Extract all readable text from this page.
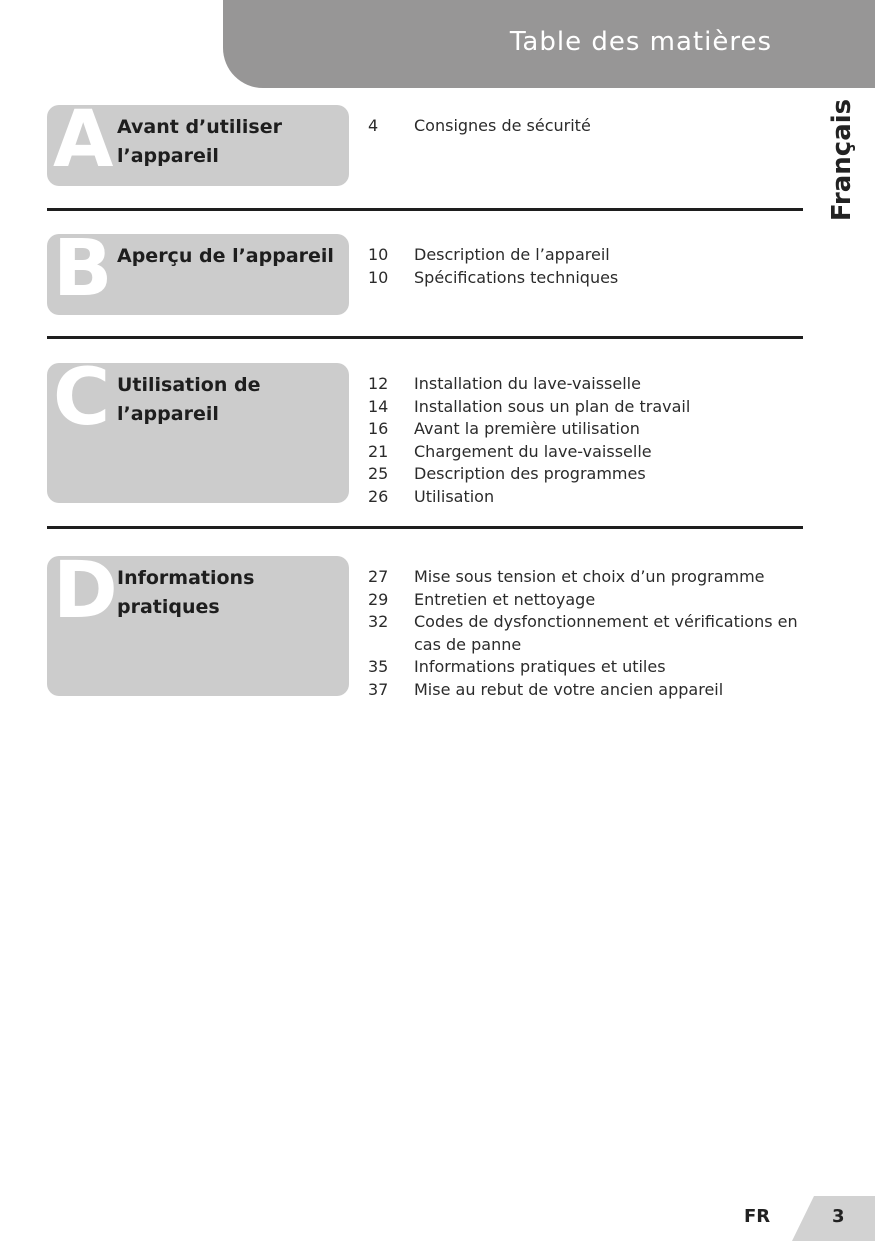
Table des matières
Français
A Avant d’utiliser l’appareil
4	Consignes de sécurité
B Aperçu de l’appareil	10	Description de l’appareil
10	Spécifications techniques
C Utilisation de l’appareil
12	Installation du lave-vaisselle
14	Installation sous un plan de travail
16	Avant la première utilisation
21	Chargement du lave-vaisselle
25	Description des programmes
26	Utilisation
D Informations pratiques
27	Mise sous tension et choix d’un programme
29	Entretien et nettoyage
32	Codes de dysfonctionnement et vérifications en cas de panne
35	Informations pratiques et utiles
37	Mise au rebut de votre ancien appareil
FR	3
